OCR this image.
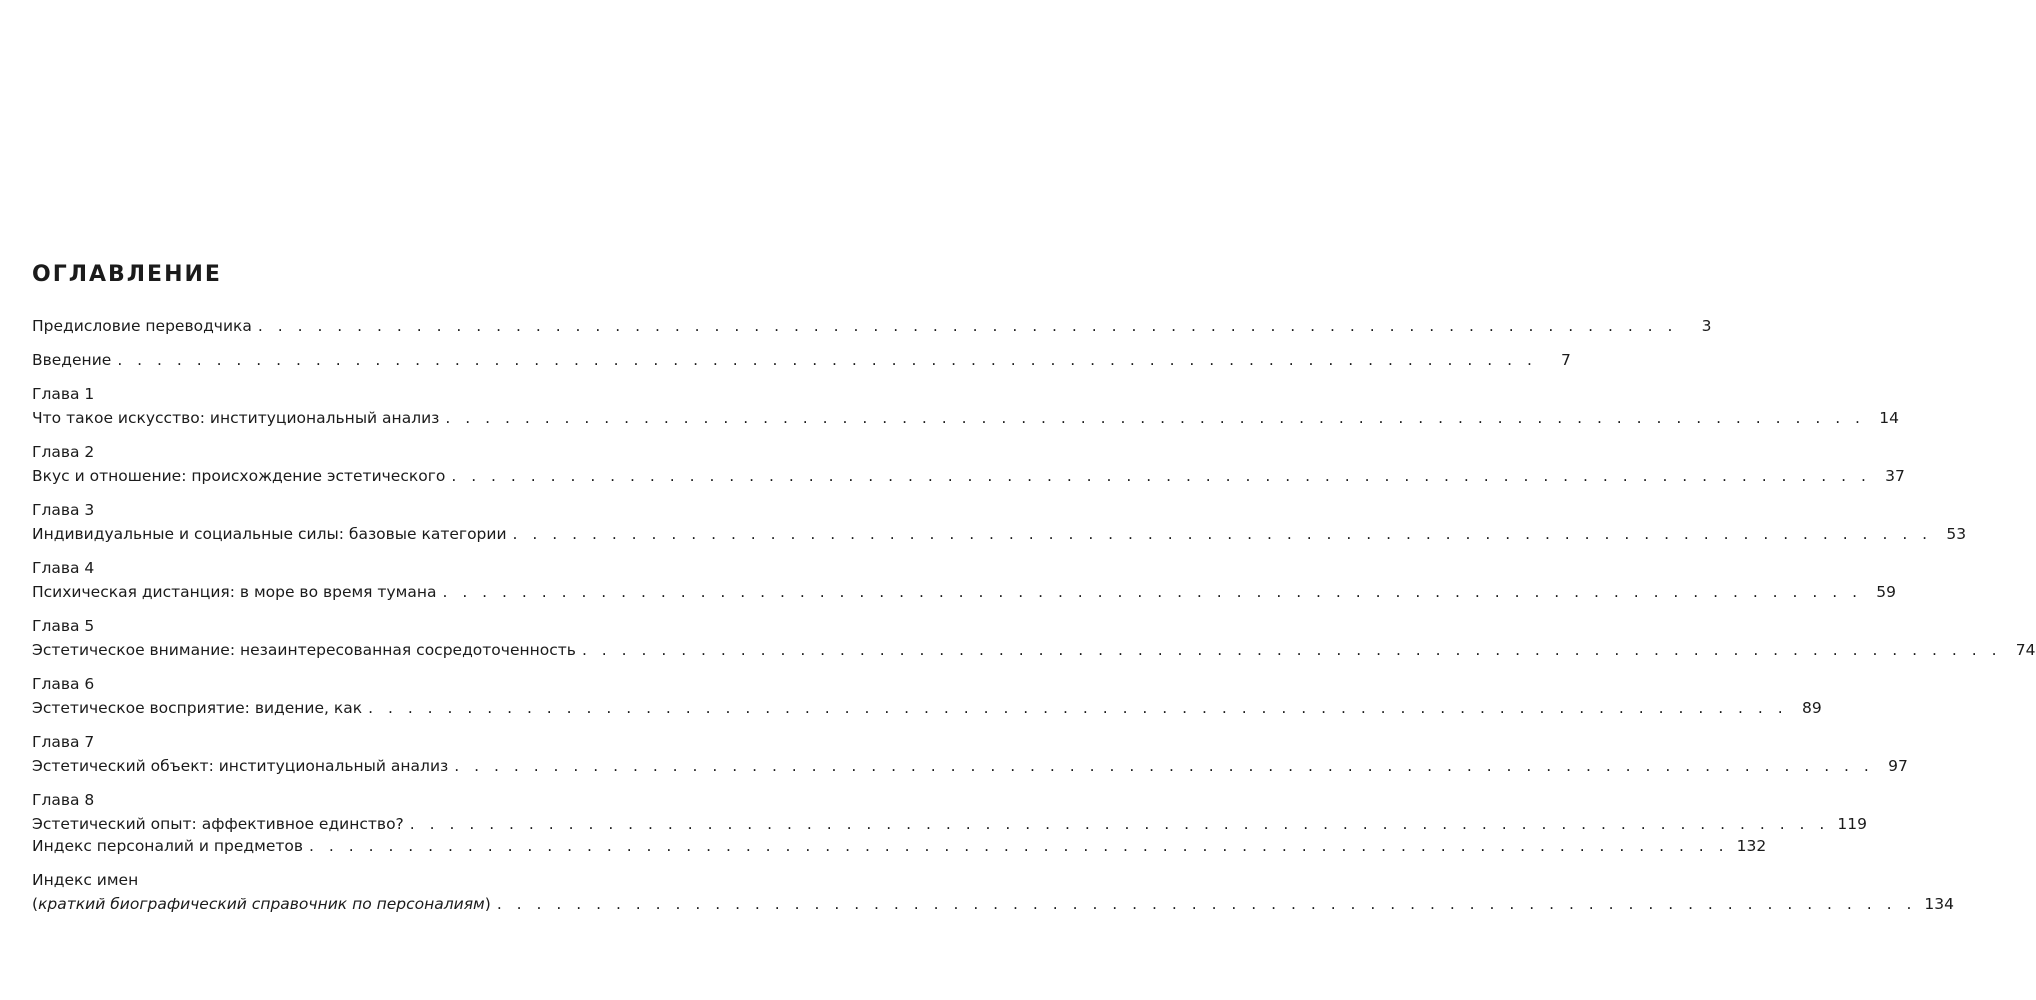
ОГЛАВЛЕНИЕ
Предисловие переводчика . . .	3
Введение . . .	7
Глава 1
Что такое искусство: институциональный анализ . . .	14
Глава 2
Вкус и отношение: происхождение эстетического . . .	37
Глава 3
Индивидуальные и социальные силы: базовые категории . . .	53
Глава 4
Психическая дистанция: в море во время тумана . . .	59
Глава 5
Эстетическое внимание: незаинтересованная сосредоточенность . . .	74
Глава 6
Эстетическое восприятие: видение, как . . .	89
Глава 7
Эстетический объект: институциональный анализ . . .	97
Глава 8
Эстетический опыт: аффективное единство? . . .	119
Индекс персоналий и предметов . . .	132
Индекс имен
(краткий биографический справочник по персоналиям) . . .	134
